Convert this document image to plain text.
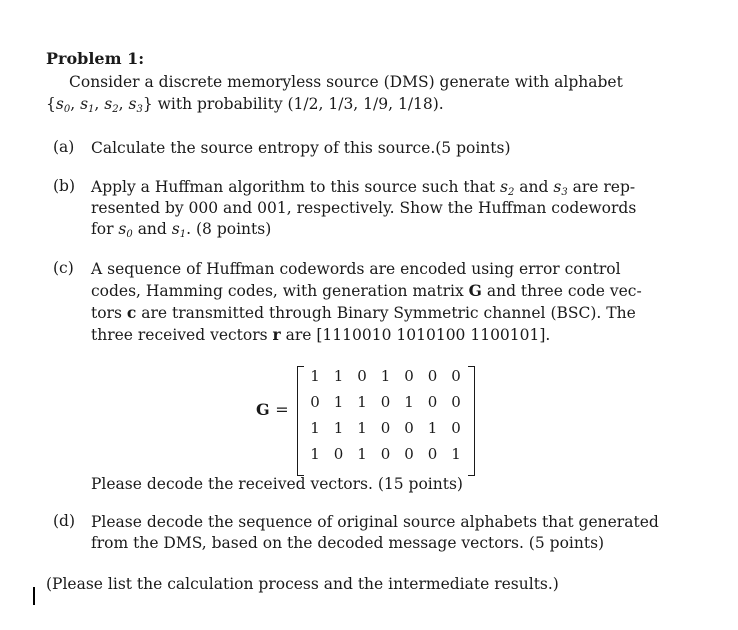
Problem 1:
Consider a discrete memoryless source (DMS) generate with alphabet
{$s_0$, $s_1$, $s_2$, $s_3$} with probability (1/2, 1/3, 1/9, 1/18).
(a) Calculate the source entropy of this source.(5 points)
(b) Apply a Huffman algorithm to this source such that $s_2$ and $s_3$ are rep-
resented by 000 and 001, respectively. Show the Huffman codewords
for $s_0$ and $s_1$. (8 points)
(c) A sequence of Huffman codewords are encoded using error control
codes, Hamming codes, with generation matrix G and three code vec-
tors c are transmitted through Binary Symmetric channel (BSC). The
three received vectors r are [1110010 1010100 1100101].
G =
1 1 0 1 0 0 0
0 1 1 0 1 0 0
1 1 1 0 0 1 0
1 0 1 0 0 0 1
Please decode the received vectors. (15 points)
(d) Please decode the sequence of original source alphabets that generated
from the DMS, based on the decoded message vectors. (5 points)
(Please list the calculation process and the intermediate results.)
